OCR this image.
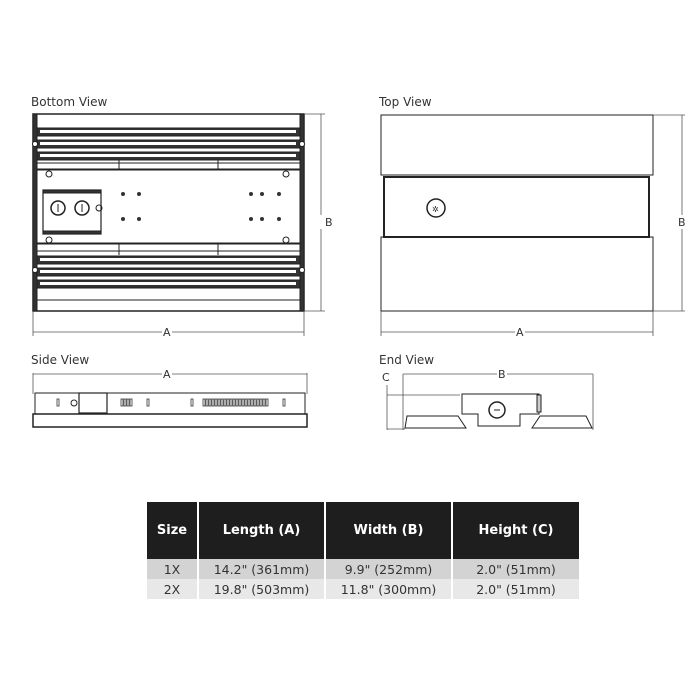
Bottom View
B
A
Top View
✲
B
A
Side View
A
End View
B
C
Size	Length (A)	Width (B)	Height (C)
1X	14.2" (361mm)	9.9" (252mm)	2.0" (51mm)
2X	19.8" (503mm)	11.8" (300mm)	2.0" (51mm)
